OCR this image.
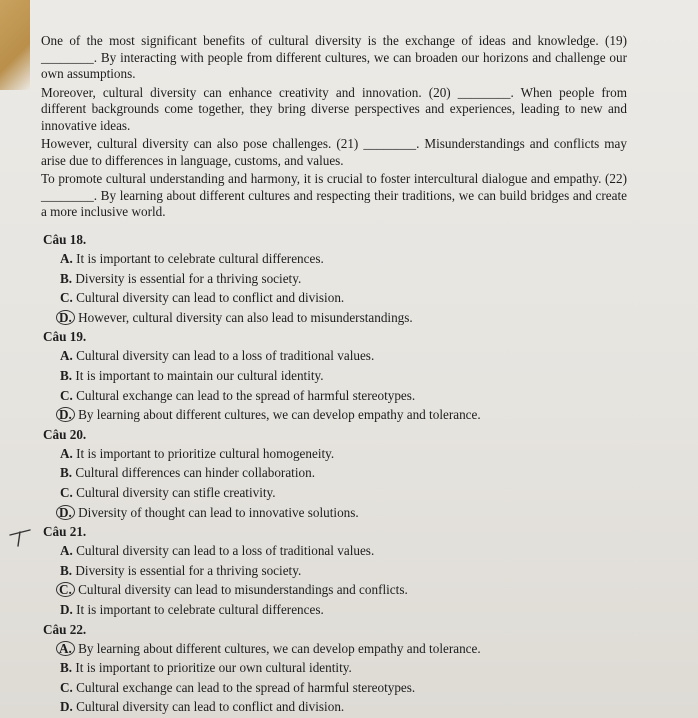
One of the most significant benefits of cultural diversity is the exchange of ideas and knowledge. (19) ________. By interacting with people from different cultures, we can broaden our horizons and challenge our own assumptions.

Moreover, cultural diversity can enhance creativity and innovation. (20) ________. When people from different backgrounds come together, they bring diverse perspectives and experiences, leading to new and innovative ideas.

However, cultural diversity can also pose challenges. (21) ________. Misunderstandings and conflicts may arise due to differences in language, customs, and values.

To promote cultural understanding and harmony, it is crucial to foster intercultural dialogue and empathy. (22) ________. By learning about different cultures and respecting their traditions, we can build bridges and create a more inclusive world.

Câu 18.
A. It is important to celebrate cultural differences.
B. Diversity is essential for a thriving society.
C. Cultural diversity can lead to conflict and division.
D. However, cultural diversity can also lead to misunderstandings.
Câu 19.
A. Cultural diversity can lead to a loss of traditional values.
B. It is important to maintain our cultural identity.
C. Cultural exchange can lead to the spread of harmful stereotypes.
D. By learning about different cultures, we can develop empathy and tolerance.
Câu 20.
A. It is important to prioritize cultural homogeneity.
B. Cultural differences can hinder collaboration.
C. Cultural diversity can stifle creativity.
D. Diversity of thought can lead to innovative solutions.
Câu 21.
A. Cultural diversity can lead to a loss of traditional values.
B. Diversity is essential for a thriving society.
C. Cultural diversity can lead to misunderstandings and conflicts.
D. It is important to celebrate cultural differences.
Câu 22.
A. By learning about different cultures, we can develop empathy and tolerance.
B. It is important to prioritize our own cultural identity.
C. Cultural exchange can lead to the spread of harmful stereotypes.
D. Cultural diversity can lead to conflict and division.
